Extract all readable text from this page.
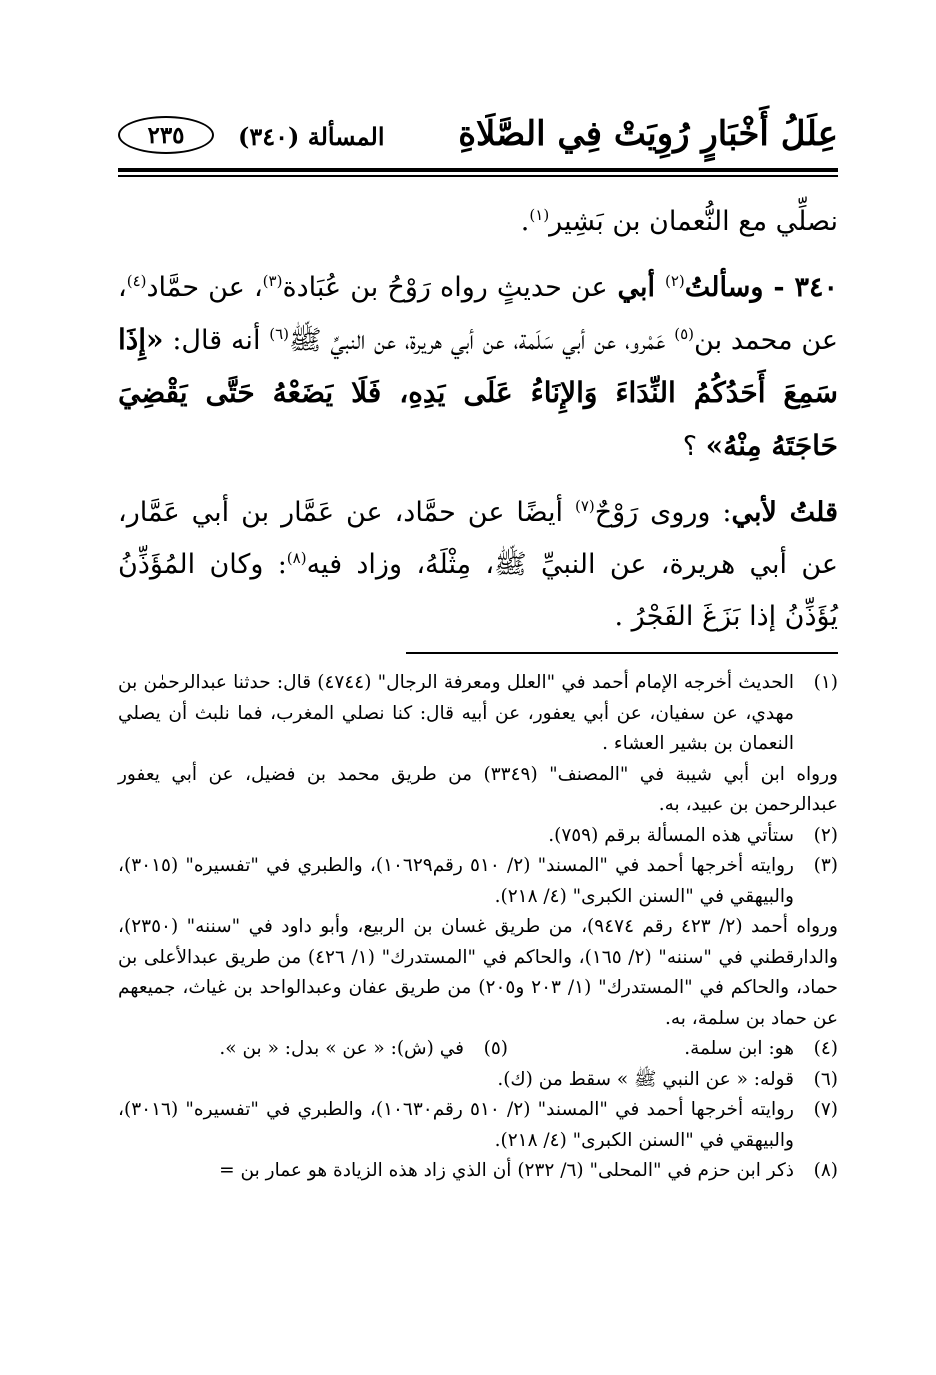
عِلَلُ أَخْبَارٍ رُوِيَتْ فِي الصَّلَاةِ
المسألة (٣٤٠)
٢٣٥

نصلِّي مع النُّعمان بن بَشِير$^{(١)}$.

٣٤٠ - وسألتُ$^{(٢)}$ أبي عن حديثٍ رواه رَوْحُ بن عُبَادة$^{(٣)}$، عن حمَّاد$^{(٤)}$، عن محمد بن$^{(٥)}$ عَمْرو، عن أبي سَلَمة، عن أبي هريرة، عن النبيِّ ﷺ$^{(٦)}$ أنه قال: «إِذَا سَمِعَ أَحَدُكُمُ النِّدَاءَ وَالإِنَاءُ عَلَى يَدِهِ، فَلَا يَضَعْهُ حَتَّى يَقْضِيَ حَاجَتَهُ مِنْهُ» ؟

قلتُ لأبي: وروى رَوْحٌ$^{(٧)}$ أيضًا عن حمَّاد، عن عَمَّار بن أبي عَمَّار، عن أبي هريرة، عن النبيِّ ﷺ، مِثْلَهُ، وزاد فيه$^{(٨)}$: وكان المُؤَذِّنُ يُؤَذِّنُ إذا بَزَغَ الفَجْرُ .

(١)
الحديث أخرجه الإمام أحمد في "العلل ومعرفة الرجال" (٤٧٤٤) قال: حدثنا عبدالرحمٰن بن مهدي، عن سفيان، عن أبي يعفور، عن أبيه قال: كنا نصلي المغرب، فما نلبث أن يصلي النعمان بن بشير العشاء .
ورواه ابن أبي شيبة في "المصنف" (٣٣٤٩) من طريق محمد بن فضيل، عن أبي يعفور عبدالرحمن بن عبيد، به.
(٢)
ستأتي هذه المسألة برقم (٧٥٩).
(٣)
روايته أخرجها أحمد في "المسند" (٢/ ٥١٠ رقم١٠٦٢٩)، والطبري في "تفسيره" (٣٠١٥)، والبيهقي في "السنن الكبرى" (٤/ ٢١٨).
ورواه أحمد (٢/ ٤٢٣ رقم ٩٤٧٤)، من طريق غسان بن الربيع، وأبو داود في "سننه" (٢٣٥٠)، والدارقطني في "سننه" (٢/ ١٦٥)، والحاكم في "المستدرك" (١/ ٤٢٦) من طريق عبدالأعلى بن حماد، والحاكم في "المستدرك" (١/ ٢٠٣ و٢٠٥) من طريق عفان وعبدالواحد بن غياث، جميعهم عن حماد بن سلمة، به.
(٤)
هو: ابن سلمة.
(٥)
في (ش): « عن » بدل: « بن ».
(٦)
قوله: « عن النبي ﷺ » سقط من (ك).
(٧)
روايته أخرجها أحمد في "المسند" (٢/ ٥١٠ رقم١٠٦٣٠)، والطبري في "تفسيره" (٣٠١٦)، والبيهقي في "السنن الكبرى" (٤/ ٢١٨).
(٨)
ذكر ابن حزم في "المحلى" (٦/ ٢٣٢) أن الذي زاد هذه الزيادة هو عمار بن =
